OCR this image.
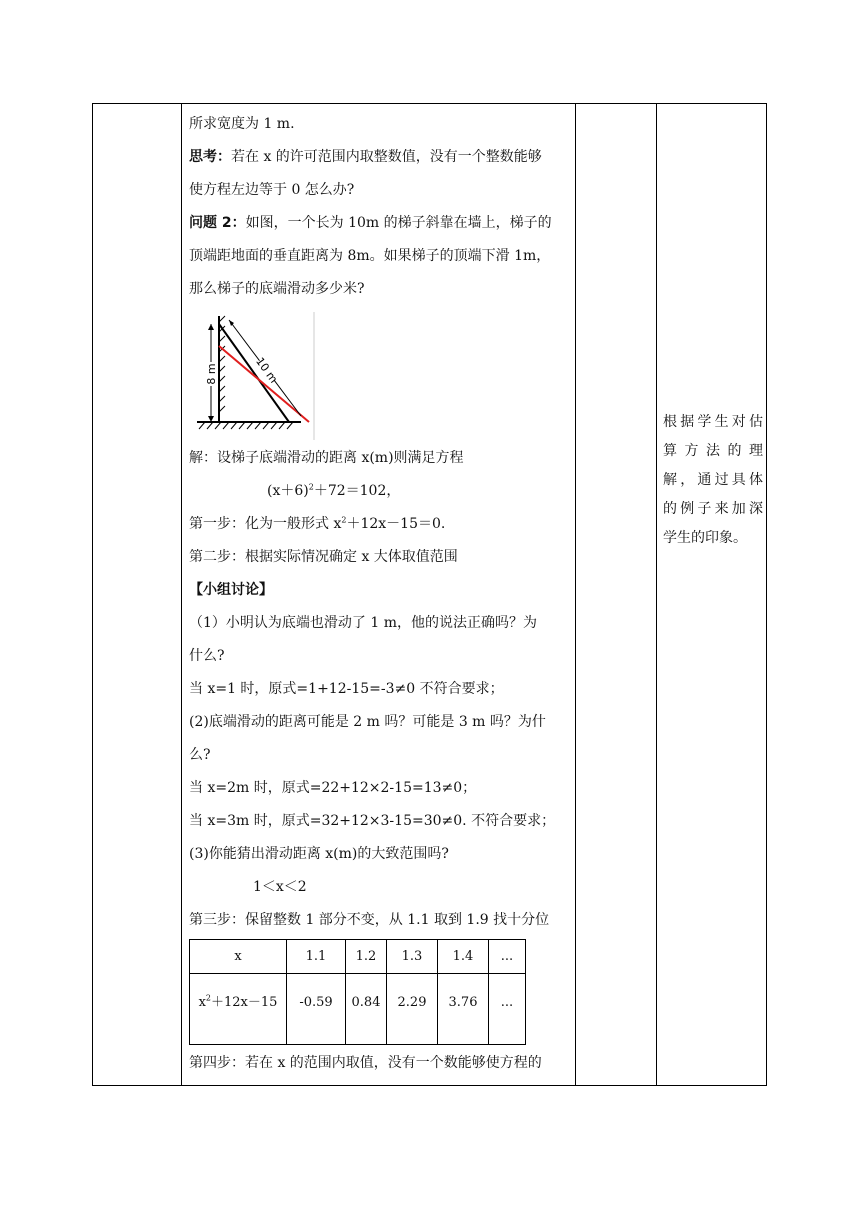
所求宽度为 1 m.

思考：若在 x 的许可范围内取整数值，没有一个整数能够

使方程左边等于 0 怎么办?

问题 2：如图，一个长为 10m 的梯子斜靠在墙上，梯子的

顶端距地面的垂直距离为 8m。如果梯子的顶端下滑 1m，

那么梯子的底端滑动多少米?

10 m
8 m

解：设梯子底端滑动的距离 x(m)则满足方程

$(x+6)^2+72=102$，

第一步：化为一般形式 $x^2+12x-15=0$.

第二步：根据实际情况确定 x 大体取值范围

【小组讨论】

（1）小明认为底端也滑动了 1 m，他的说法正确吗？为

什么?

当 x=1 时，原式=1+12-15=-3≠0 不符合要求；

(2)底端滑动的距离可能是 2 m 吗？可能是 3 m 吗？为什

么?

当 x=2m 时，原式=22+12×2-15=13≠0；

当 x=3m 时，原式=32+12×3-15=30≠0. 不符合要求；

(3)你能猜出滑动距离 x(m)的大致范围吗?

1＜x＜2

第三步：保留整数 1 部分不变，从 1.1 取到 1.9 找十分位

x	1.1	1.2	1.3	1.4	...
$x^2+12x-15$	-0.59	0.84	2.29	3.76	...

第四步：若在 x 的范围内取值，没有一个数能够使方程的

根据学生对估

算方法的理

解，通过具体

的例子来加深

学生的印象。
